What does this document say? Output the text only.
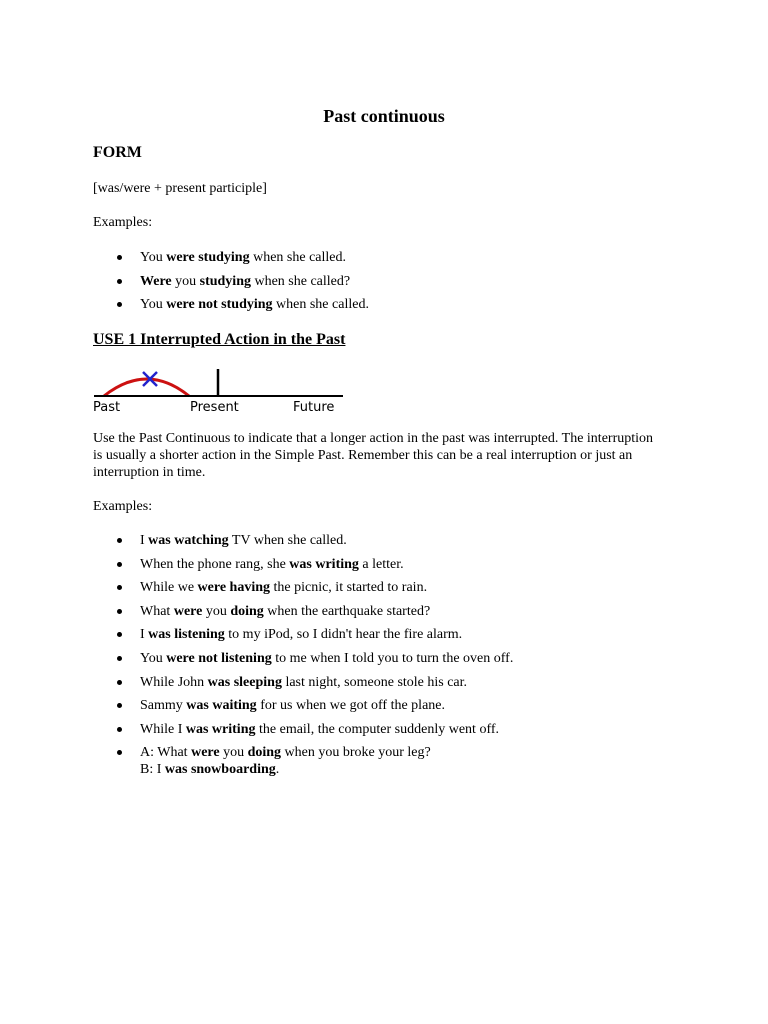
Past continuous
FORM
[was/were + present participle]
Examples:
You were studying when she called.
Were you studying when she called?
You were not studying when she called.
USE 1 Interrupted Action in the Past
Past	Present	Future
Use the Past Continuous to indicate that a longer action in the past was interrupted. The interruption is usually a shorter action in the Simple Past. Remember this can be a real interruption or just an interruption in time.
Examples:
I was watching TV when she called.
When the phone rang, she was writing a letter.
While we were having the picnic, it started to rain.
What were you doing when the earthquake started?
I was listening to my iPod, so I didn't hear the fire alarm.
You were not listening to me when I told you to turn the oven off.
While John was sleeping last night, someone stole his car.
Sammy was waiting for us when we got off the plane.
While I was writing the email, the computer suddenly went off.
A: What were you doing when you broke your leg?
B: I was snowboarding.
